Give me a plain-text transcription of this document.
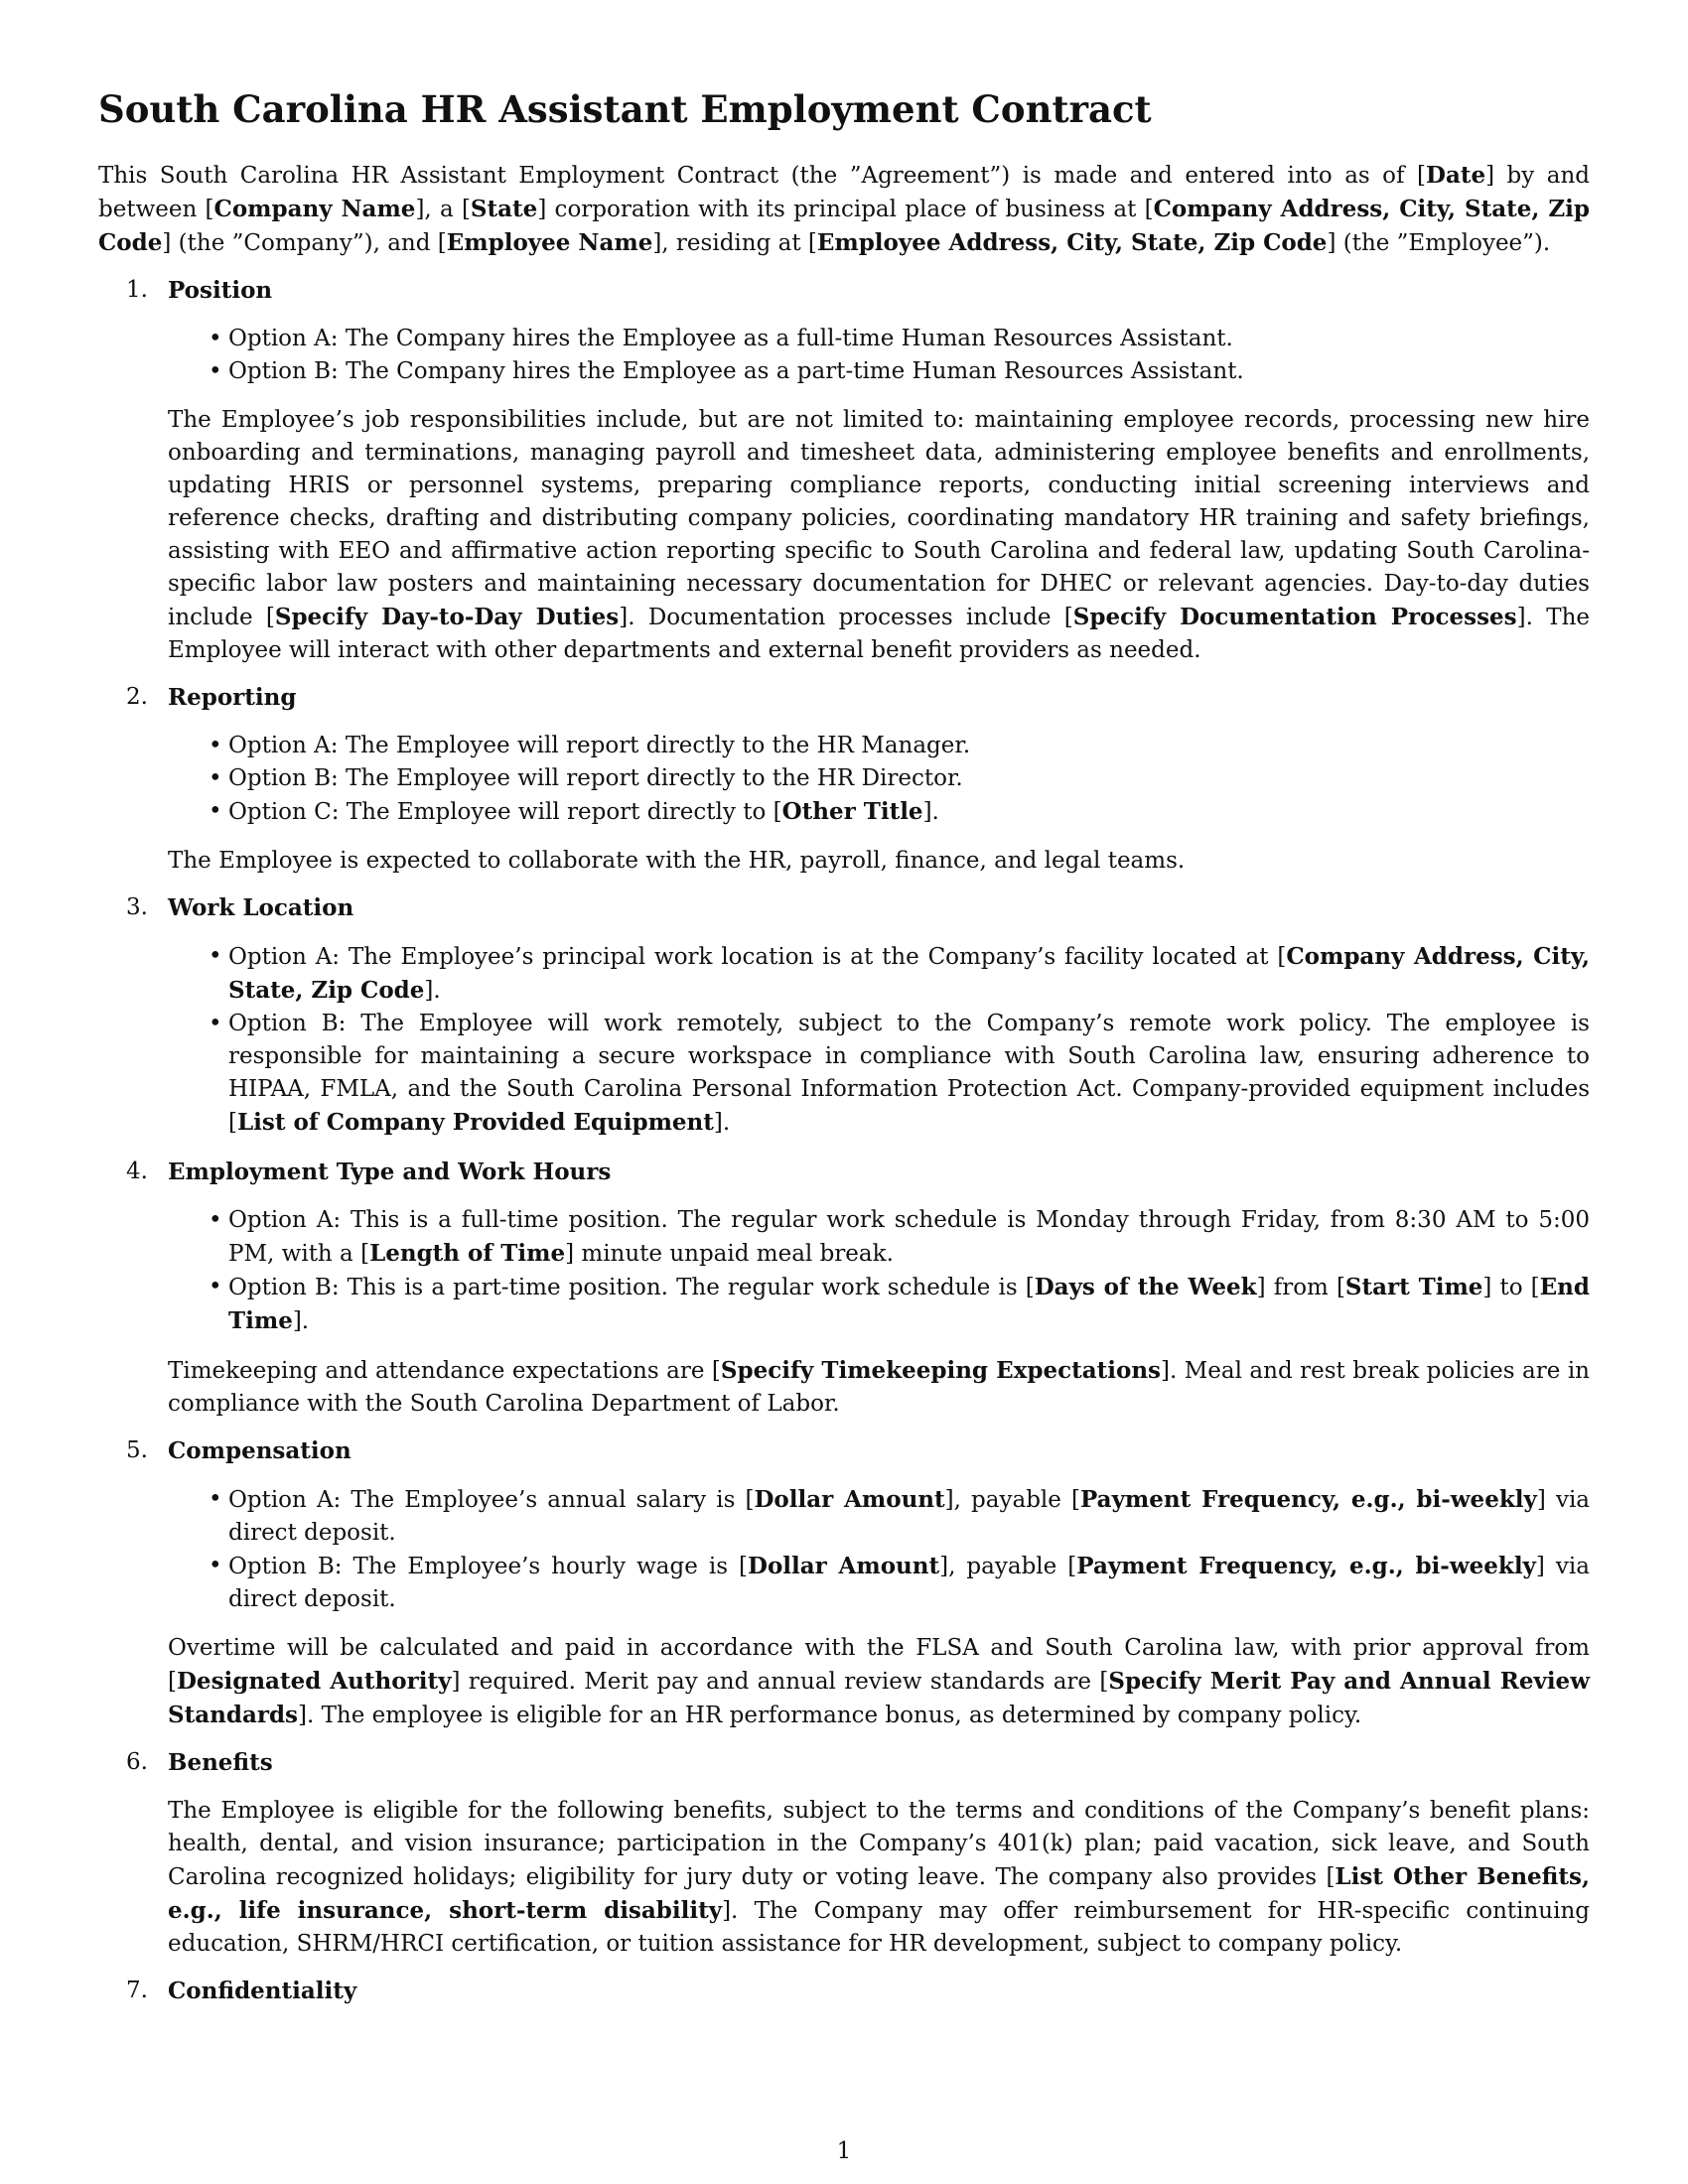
South Carolina HR Assistant Employment Contract

This South Carolina HR Assistant Employment Contract (the ”Agreement”) is made and entered into as of [Date] by and between [Company Name], a [State] corporation with its principal place of business at [Company Address, City, State, Zip Code] (the ”Company”), and [Employee Name], residing at [Employee Address, City, State, Zip Code] (the ”Employee”).

1. Position
• Option A: The Company hires the Employee as a full-time Human Resources Assistant.
• Option B: The Company hires the Employee as a part-time Human Resources Assistant.

The Employee’s job responsibilities include, but are not limited to: maintaining employee records, processing new hire onboarding and terminations, managing payroll and timesheet data, administering employee benefits and enrollments, updating HRIS or personnel systems, preparing compliance reports, conducting initial screening interviews and reference checks, drafting and distributing company policies, coordinating mandatory HR training and safety briefings, assisting with EEO and affirmative action reporting specific to South Carolina and federal law, updating South Carolina-specific labor law posters and maintaining necessary documentation for DHEC or relevant agencies. Day-to-day duties include [Specify Day-to-Day Duties]. Documentation processes include [Specify Documentation Processes]. The Employee will interact with other departments and external benefit providers as needed.

2. Reporting
• Option A: The Employee will report directly to the HR Manager.
• Option B: The Employee will report directly to the HR Director.
• Option C: The Employee will report directly to [Other Title].

The Employee is expected to collaborate with the HR, payroll, finance, and legal teams.

3. Work Location
• Option A: The Employee’s principal work location is at the Company’s facility located at [Company Address, City, State, Zip Code].
• Option B: The Employee will work remotely, subject to the Company’s remote work policy. The employee is responsible for maintaining a secure workspace in compliance with South Carolina law, ensuring adherence to HIPAA, FMLA, and the South Carolina Personal Information Protection Act. Company-provided equipment includes [List of Company Provided Equipment].
4. Employment Type and Work Hours
• Option A: This is a full-time position. The regular work schedule is Monday through Friday, from 8:30 AM to 5:00 PM, with a [Length of Time] minute unpaid meal break.
• Option B: This is a part-time position. The regular work schedule is [Days of the Week] from [Start Time] to [End Time].

Timekeeping and attendance expectations are [Specify Timekeeping Expectations]. Meal and rest break policies are in compliance with the South Carolina Department of Labor.

5. Compensation
• Option A: The Employee’s annual salary is [Dollar Amount], payable [Payment Frequency, e.g., bi-weekly] via direct deposit.
• Option B: The Employee’s hourly wage is [Dollar Amount], payable [Payment Frequency, e.g., bi-weekly] via direct deposit.

Overtime will be calculated and paid in accordance with the FLSA and South Carolina law, with prior approval from [Designated Authority] required. Merit pay and annual review standards are [Specify Merit Pay and Annual Review Standards]. The employee is eligible for an HR performance bonus, as determined by company policy.

6. Benefits

The Employee is eligible for the following benefits, subject to the terms and conditions of the Company’s benefit plans: health, dental, and vision insurance; participation in the Company’s 401(k) plan; paid vacation, sick leave, and South Carolina recognized holidays; eligibility for jury duty or voting leave. The company also provides [List Other Benefits, e.g., life insurance, short-term disability]. The Company may offer reimbursement for HR-specific continuing education, SHRM/HRCI certification, or tuition assistance for HR development, subject to company policy.

7. Confidentiality
1
